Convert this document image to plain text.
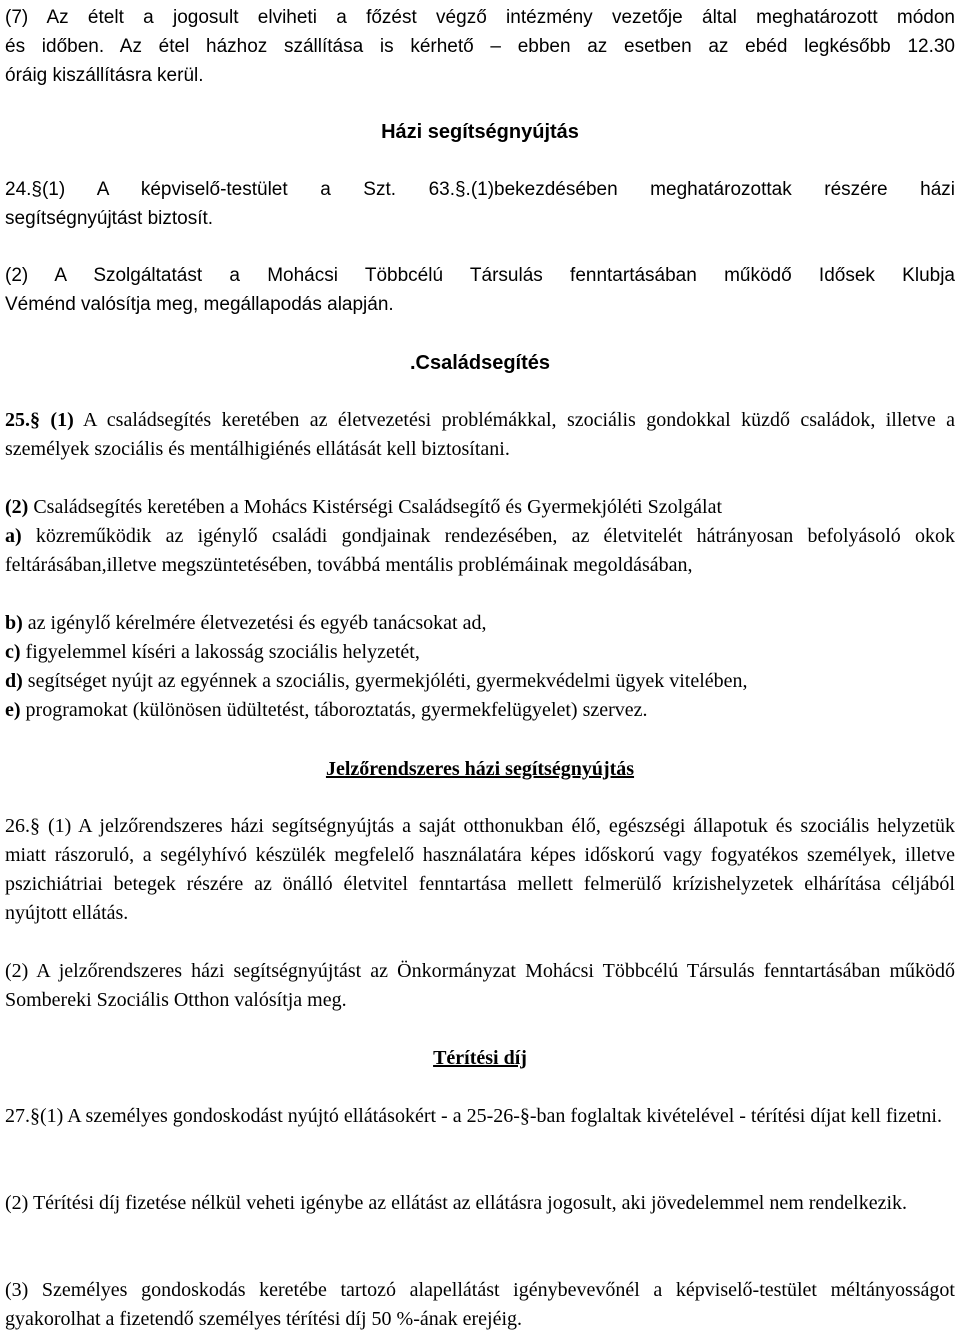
(7) Az ételt a jogosult elviheti a főzést végző intézmény vezetője által meghatározott módon
és időben. Az étel házhoz szállítása is kérhető – ebben az esetben az ebéd legkésőbb 12.30
óráig kiszállításra kerül.
Házi segítségnyújtás
24.§(1) A képviselő-testület a Szt. 63.§.(1)bekezdésében meghatározottak részére házi
segítségnyújtást biztosít.
(2) A Szolgáltatást a Mohácsi Többcélú Társulás fenntartásában működő Idősek Klubja
Véménd valósítja meg, megállapodás alapján.
.Családsegítés
25.§ (1) A családsegítés keretében az életvezetési problémákkal, szociális gondokkal küzdő családok, illetve a személyek szociális és mentálhigiénés ellátását kell biztosítani.
(2) Családsegítés keretében a Mohács Kistérségi Családsegítő és Gyermekjóléti Szolgálat
a) közreműködik az igénylő családi gondjainak rendezésében, az életvitelét hátrányosan befolyásoló okok feltárásában,illetve megszüntetésében, továbbá mentális problémáinak megoldásában,
b) az igénylő kérelmére életvezetési és egyéb tanácsokat ad,
c) figyelemmel kíséri a lakosság szociális helyzetét,
d) segítséget nyújt az egyénnek a szociális, gyermekjóléti, gyermekvédelmi ügyek vitelében,
e) programokat (különösen üdültetést, táboroztatás, gyermekfelügyelet) szervez.
Jelzőrendszeres házi segítségnyújtás
26.§ (1) A jelzőrendszeres házi segítségnyújtás a saját otthonukban élő, egészségi állapotuk és szociális helyzetük miatt rászoruló, a segélyhívó készülék megfelelő használatára képes időskorú vagy fogyatékos személyek, illetve pszichiátriai betegek részére az önálló életvitel fenntartása mellett felmerülő krízishelyzetek elhárítása céljából nyújtott ellátás.
(2) A jelzőrendszeres házi segítségnyújtást az Önkormányzat Mohácsi Többcélú Társulás fenntartásában működő Sombereki Szociális Otthon valósítja meg.
Térítési díj
27.§(1) A személyes gondoskodást nyújtó ellátásokért - a 25-26-§-ban foglaltak kivételével - térítési díjat kell fizetni.
(2) Térítési díj fizetése nélkül veheti igénybe az ellátást az ellátásra jogosult, aki jövedelemmel nem rendelkezik.
(3) Személyes gondoskodás keretébe tartozó alapellátást igénybevevőnél a képviselő-testület méltányosságot gyakorolhat a fizetendő személyes térítési díj 50 %-ának erejéig.
